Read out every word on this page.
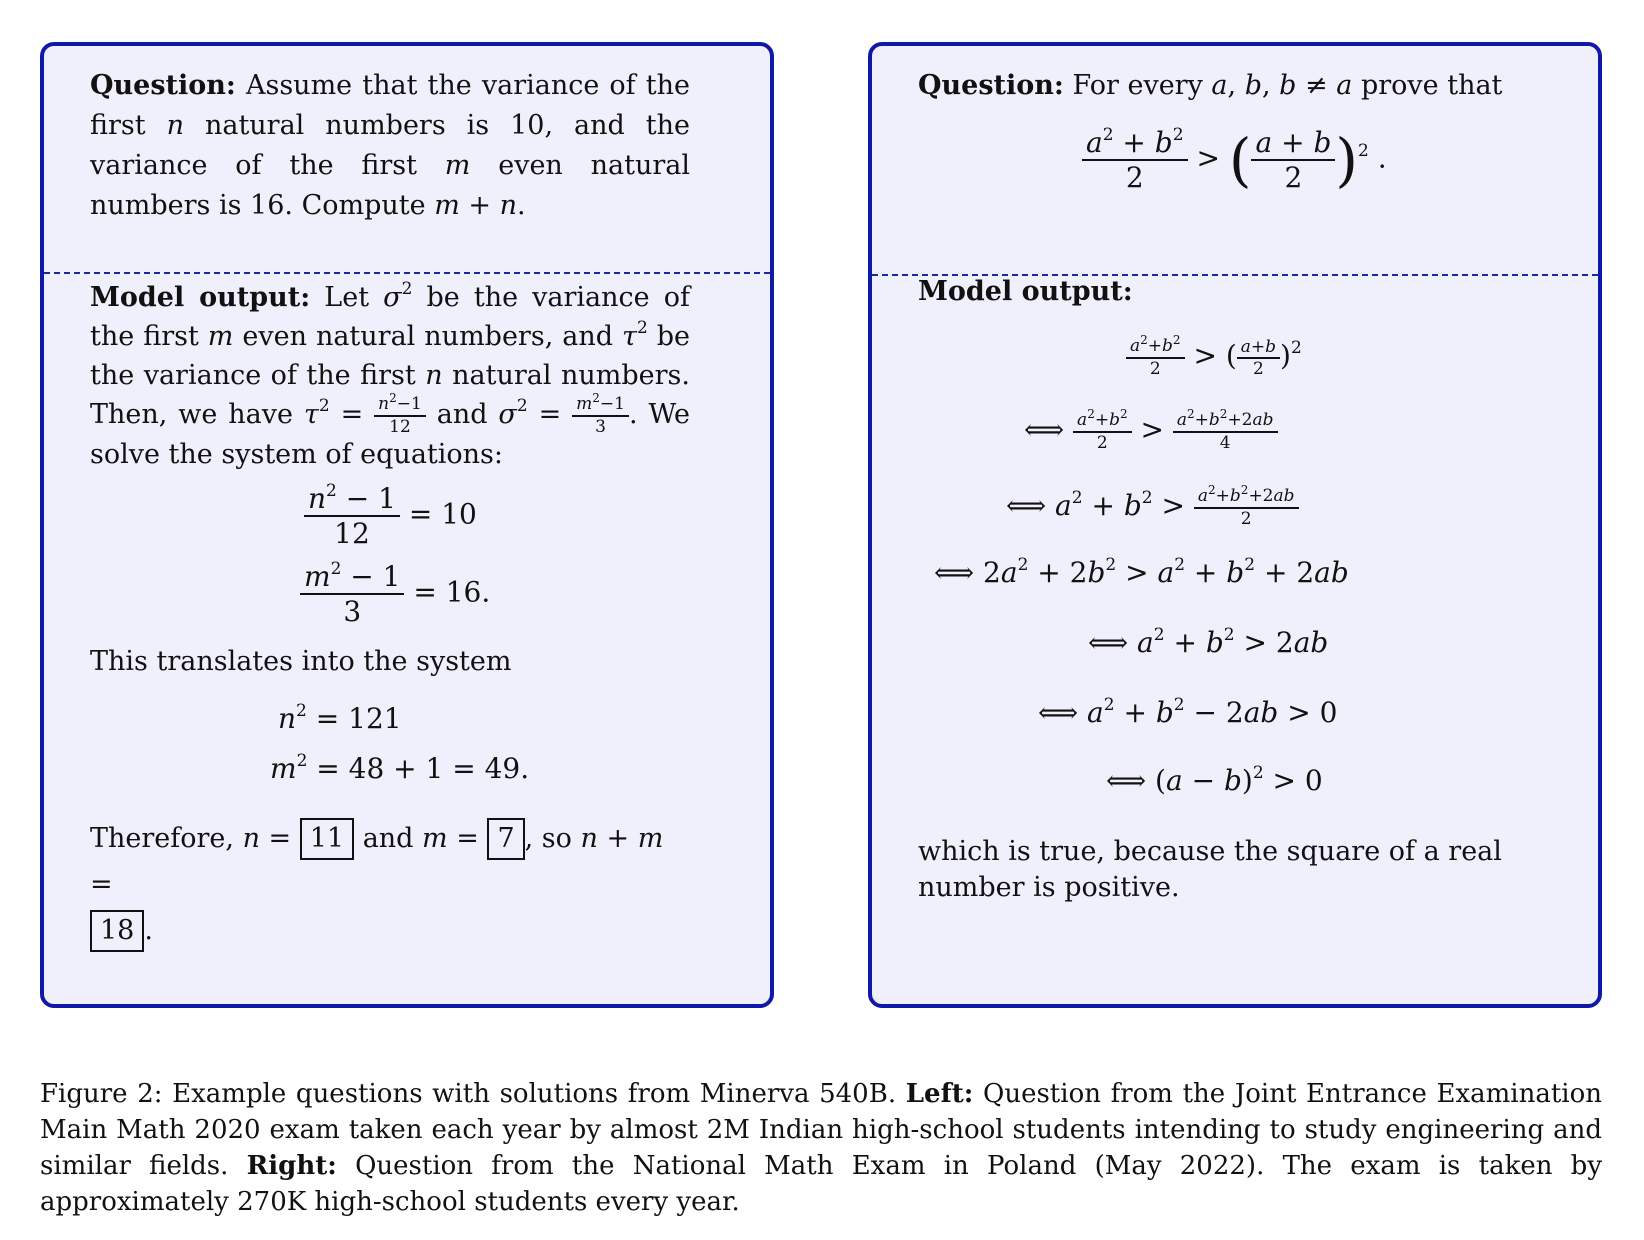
Question: Assume that the variance of the first n natural numbers is 10, and the variance of the first m even natural numbers is 16. Compute m + n.
Model output: Let $\sigma^2$ be the variance of the first m even natural numbers, and $\tau^2$ be the variance of the first n natural numbers. Then, we have $\tau^2 = \frac{n^2-1}{12}$ and $\sigma^2 = \frac{m^2-1}{3}$ . We solve the system of equations:
$\frac{n^2 - 1}{12} = 10$
$\frac{m^2 - 1}{3} = 16$.
This translates into the system
$n^2 = 121$
$m^2 = 48 + 1 = 49$.
Therefore, n = 11 and m = 7 , so n + m =
18 .
Question: For every a, b, b ≠ a prove that
$\frac{a^2 + b^2}{2}$ > ( $\frac{a + b}{2} )^2$ .
Model output:
$\frac{a^2+b^2}{2}$ > ( $\frac{a+b}{2} )^2$
⟺ $\frac{a^2+b^2}{2} > \frac{a^2+b^2+2ab}{4}$
⟺ $a^2 + b^2 > \frac{a^2+b^2+2ab}{2}$
⟺ $2a^2 + 2b^2 > a^2 + b^2 + 2ab$
⟺ $a^2 + b^2 > 2ab$
⟺ $a^2 + b^2 - 2ab > 0$
⟺ $(a - b)^2 > 0$
which is true, because the square of a real number is positive.
Figure 2: Example questions with solutions from Minerva 540B. Left: Question from the Joint Entrance Examination Main Math 2020 exam taken each year by almost 2M Indian high-school students intending to study engineering and similar fields. Right: Question from the National Math Exam in Poland (May 2022). The exam is taken by approximately 270K high-school students every year.
